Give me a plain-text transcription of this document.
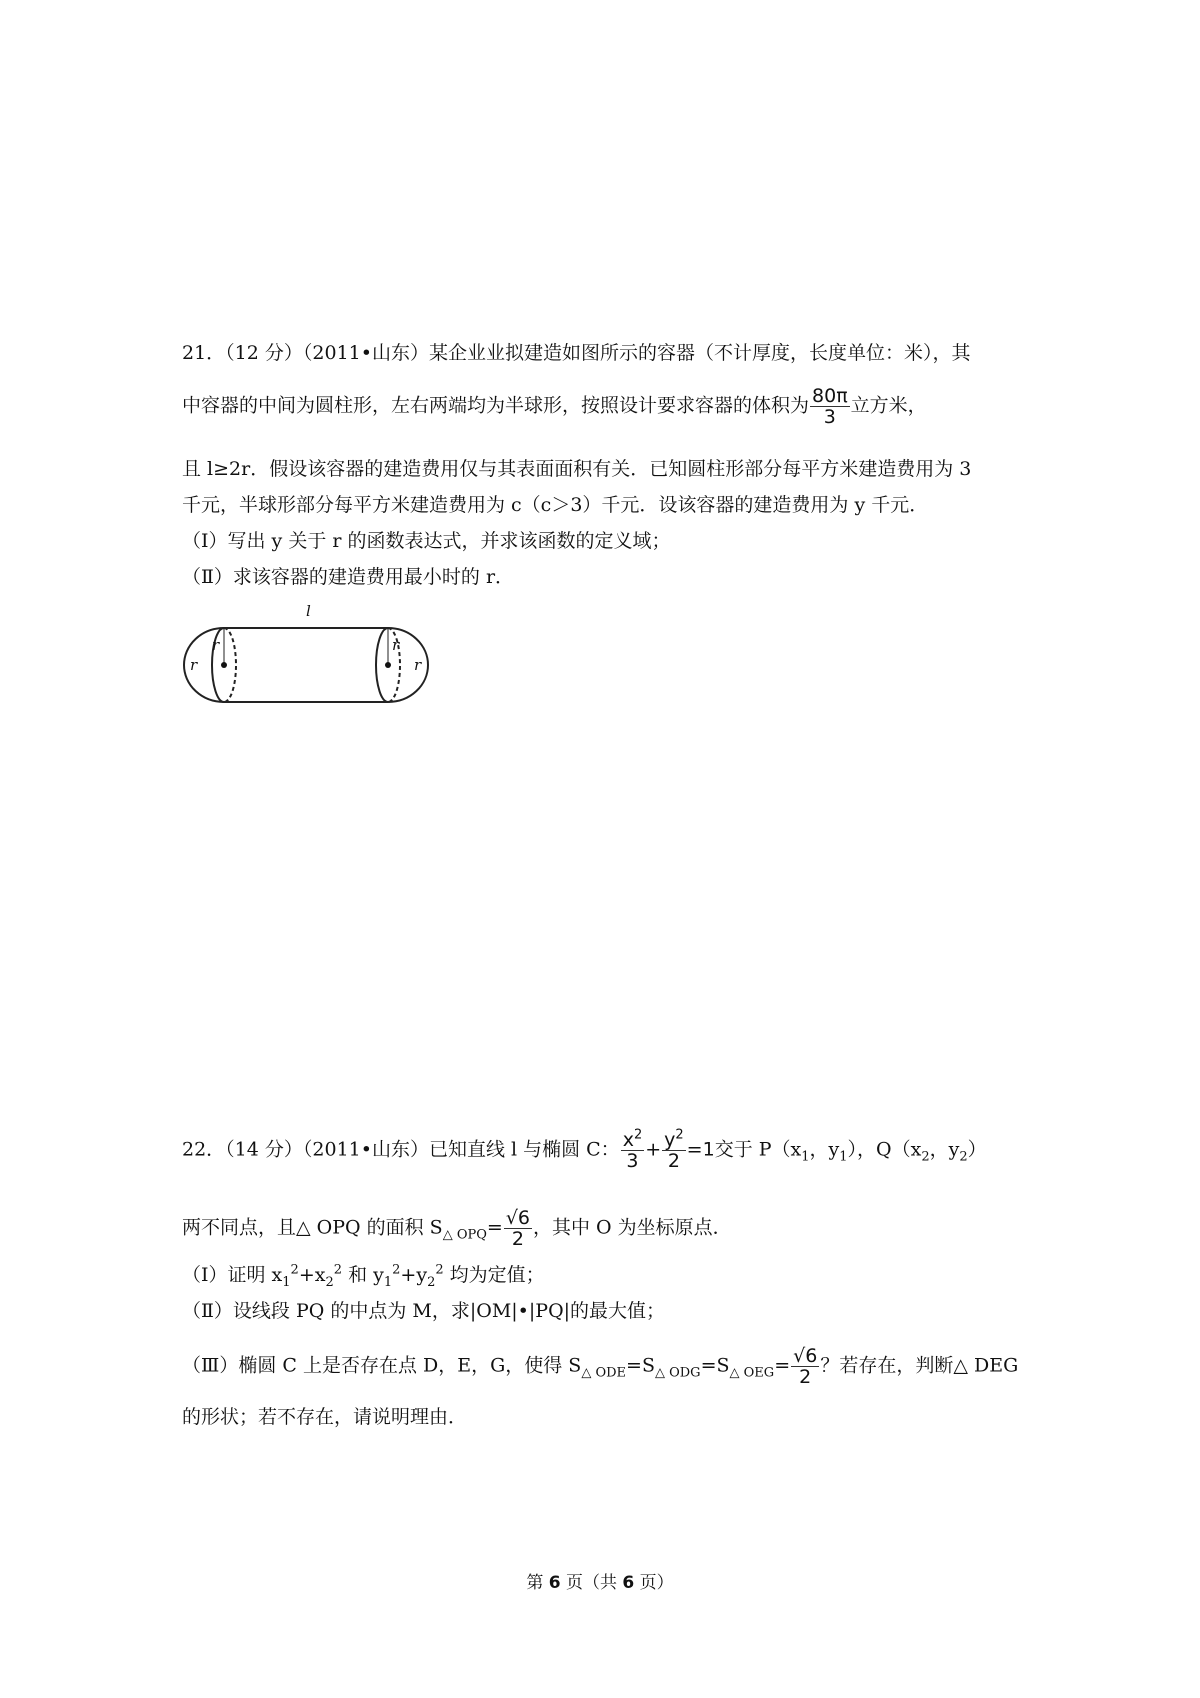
21．（12 分）（2011•山东）某企业业拟建造如图所示的容器（不计厚度，长度单位：米），其
中容器的中间为圆柱形，左右两端均为半球形，按照设计要求容器的体积为 $\frac{80\pi}{3}$ 立方米，
且 l≥2r．假设该容器的建造费用仅与其表面面积有关．已知圆柱形部分每平方米建造费用为 3
千元，半球形部分每平方米建造费用为 c（c＞3）千元．设该容器的建造费用为 y 千元．
（Ⅰ）写出 y 关于 r 的函数表达式，并求该函数的定义域；
（Ⅱ）求该容器的建造费用最小时的 r．
l
r
r	r
r
22．（14 分）（2011•山东）已知直线 l 与椭圆 C： $\frac{x^2}{3} + \frac{y^2}{2} =1$交于 $P(x_1$，$y_1$），$Q(x_2$，$y_2$）
两不同点，且△ OPQ 的面积 $S_{\triangle OPQ}= \frac{√6}{2}$ ，其中 O 为坐标原点．
（Ⅰ）证明 $x_1^2+x_2^2$ 和 $y_1^2+y_2^2$ 均为定值；
（Ⅱ）设线段 PQ 的中点为 M，求|OM|•|PQ|的最大值；
（Ⅲ）椭圆 C 上是否存在点 D，E，G，使得 $S_{\triangle ODE}=S_{\triangle ODG}=S_{\triangle OEG}= \frac{√6}{2}$ ？若存在，判断△ DEG
的形状；若不存在，请说明理由．
第 6 页（共 6 页）
